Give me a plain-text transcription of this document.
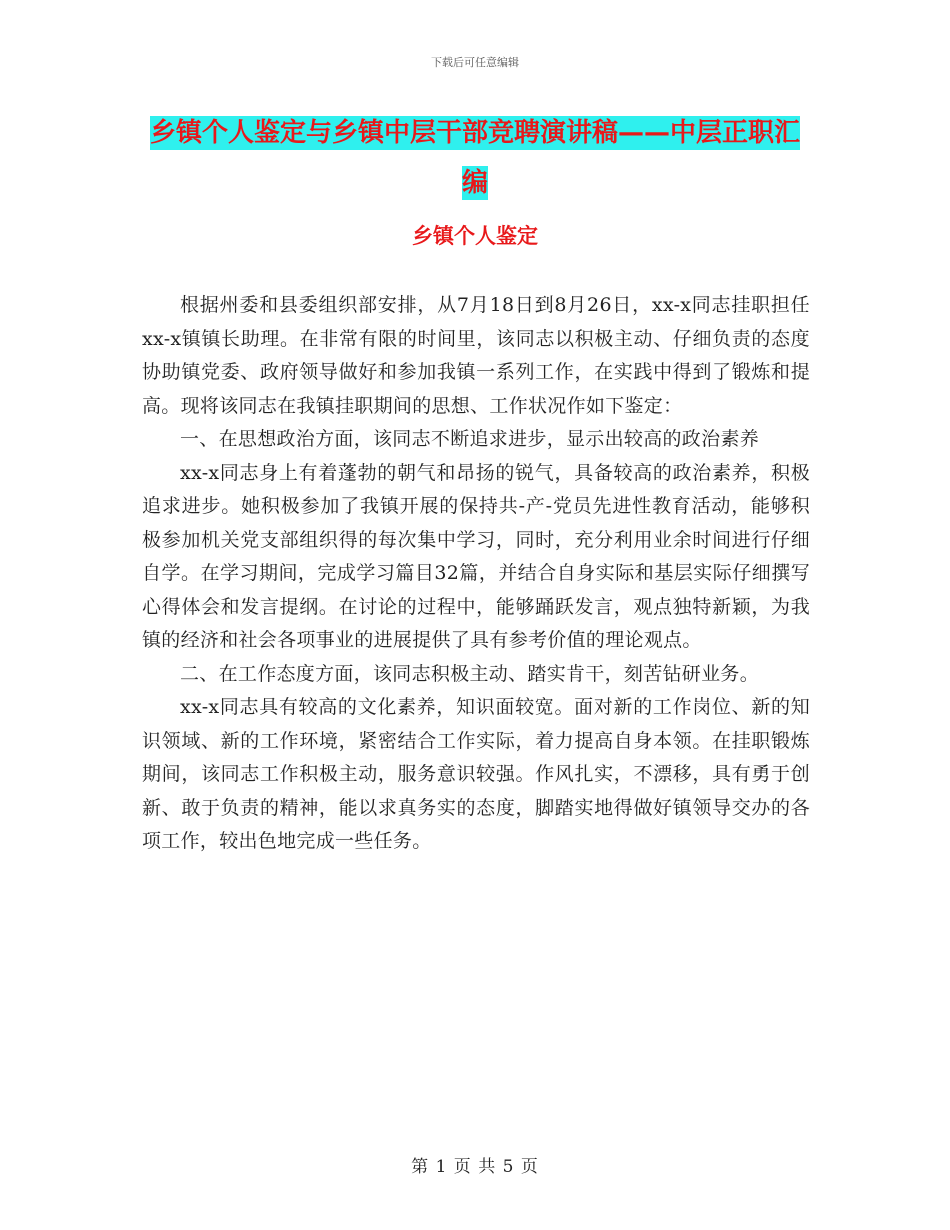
下载后可任意编辑
乡镇个人鉴定与乡镇中层干部竞聘演讲稿——中层正职汇编
乡镇个人鉴定

根据州委和县委组织部安排，从7月18日到8月26日，xx-x同志挂职担任xx-x镇镇长助理。在非常有限的时间里，该同志以积极主动、仔细负责的态度协助镇党委、政府领导做好和参加我镇一系列工作，在实践中得到了锻炼和提高。现将该同志在我镇挂职期间的思想、工作状况作如下鉴定：

一、在思想政治方面，该同志不断追求进步，显示出较高的政治素养

xx-x同志身上有着蓬勃的朝气和昂扬的锐气，具备较高的政治素养，积极追求进步。她积极参加了我镇开展的保持共-产-党员先进性教育活动，能够积极参加机关党支部组织得的每次集中学习，同时，充分利用业余时间进行仔细自学。在学习期间，完成学习篇目32篇，并结合自身实际和基层实际仔细撰写心得体会和发言提纲。在讨论的过程中，能够踊跃发言，观点独特新颖，为我镇的经济和社会各项事业的进展提供了具有参考价值的理论观点。

二、在工作态度方面，该同志积极主动、踏实肯干，刻苦钻研业务。

xx-x同志具有较高的文化素养，知识面较宽。面对新的工作岗位、新的知识领域、新的工作环境，紧密结合工作实际，着力提高自身本领。在挂职锻炼期间，该同志工作积极主动，服务意识较强。作风扎实，不漂移，具有勇于创新、敢于负责的精神，能以求真务实的态度，脚踏实地得做好镇领导交办的各项工作，较出色地完成一些任务。

第 1 页 共 5 页
